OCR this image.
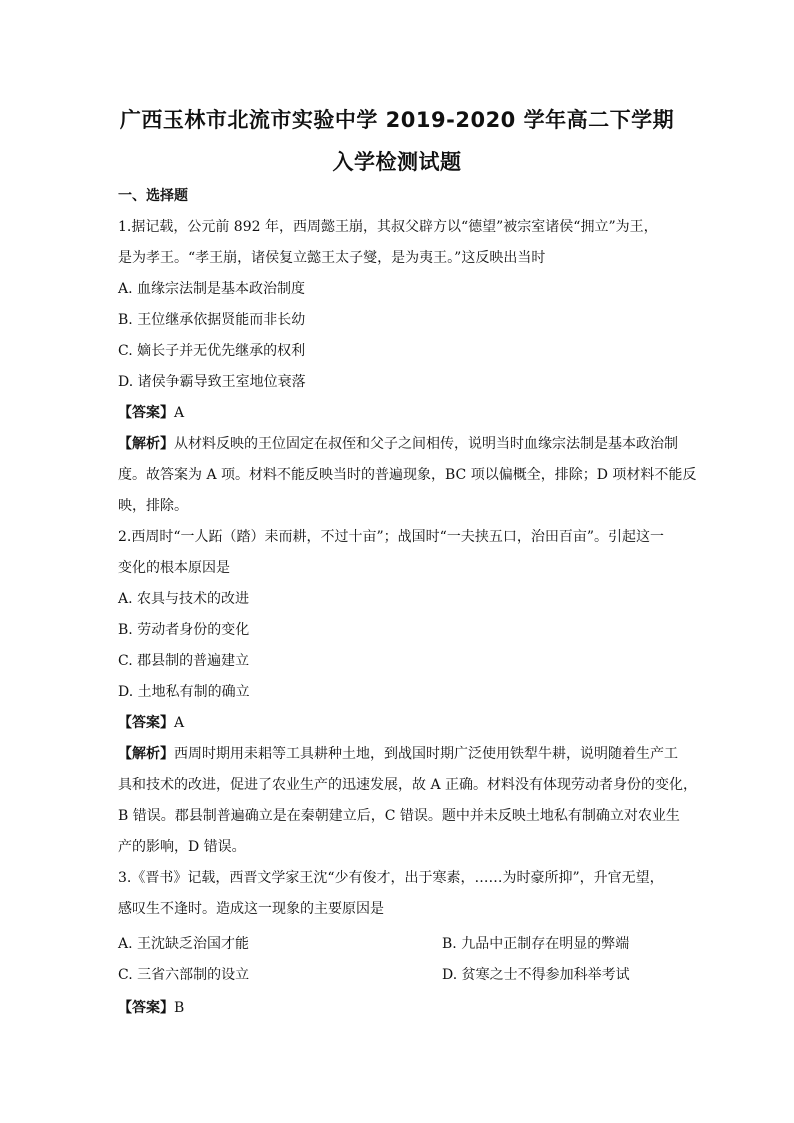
广西玉林市北流市实验中学 2019-2020 学年高二下学期
入学检测试题
一、选择题
1.据记载，公元前 892 年，西周懿王崩，其叔父辟方以“德望”被宗室诸侯“拥立”为王，
是为孝王。“孝王崩，诸侯复立懿王太子燮，是为夷王。”这反映出当时
A. 血缘宗法制是基本政治制度
B. 王位继承依据贤能而非长幼
C. 嫡长子并无优先继承的权利
D. 诸侯争霸导致王室地位衰落
【答案】A
【解析】从材料反映的王位固定在叔侄和父子之间相传，说明当时血缘宗法制是基本政治制
度。故答案为 A 项。材料不能反映当时的普遍现象，BC 项以偏概全，排除；D 项材料不能反
映，排除。
2.西周时“一人跖（踏）耒而耕，不过十亩”；战国时“一夫挟五口，治田百亩”。引起这一
变化的根本原因是
A. 农具与技术的改进
B. 劳动者身份的变化
C. 郡县制的普遍建立
D. 土地私有制的确立
【答案】A
【解析】西周时期用耒耜等工具耕种土地，到战国时期广泛使用铁犁牛耕，说明随着生产工
具和技术的改进，促进了农业生产的迅速发展，故 A 正确。材料没有体现劳动者身份的变化，
B 错误。郡县制普遍确立是在秦朝建立后，C 错误。题中并未反映土地私有制确立对农业生
产的影响，D 错误。
3.《晋书》记载，西晋文学家王沈“少有俊才，出于寒素，……为时豪所抑”，升官无望，
感叹生不逢时。造成这一现象的主要原因是
A. 王沈缺乏治国才能	B. 九品中正制存在明显的弊端
C. 三省六部制的设立	D. 贫寒之士不得参加科举考试
【答案】B
